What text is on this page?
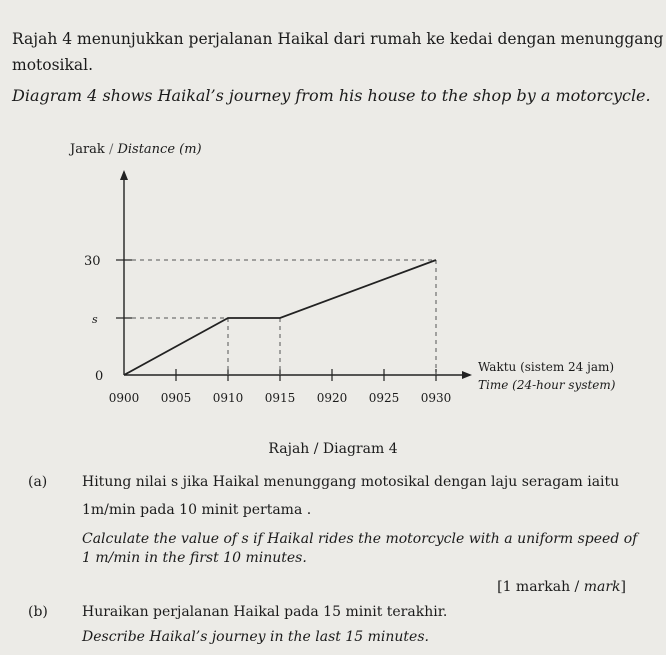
Rajah 4 menunjukkan perjalanan Haikal dari rumah ke kedai dengan menunggang

motosikal.

Diagram 4 shows Haikal’s journey from his house to the shop by a motorcycle.

Jarak / Distance (m)
0900 0905 0910 0915 0920 0925 0930
0
s
30
Waktu (sistem 24 jam)
Time (24-hour system)

Rajah / Diagram 4

(a) Hitung nilai s jika Haikal menunggang motosikal dengan laju seragam iaitu

1m/min pada 10 minit pertama .

Calculate the value of s if Haikal rides the motorcycle with a uniform speed of

1 m/min in the first 10 minutes.

[1 markah / mark]

(b) Huraikan perjalanan Haikal pada 15 minit terakhir.

Describe Haikal’s journey in the last 15 minutes.
